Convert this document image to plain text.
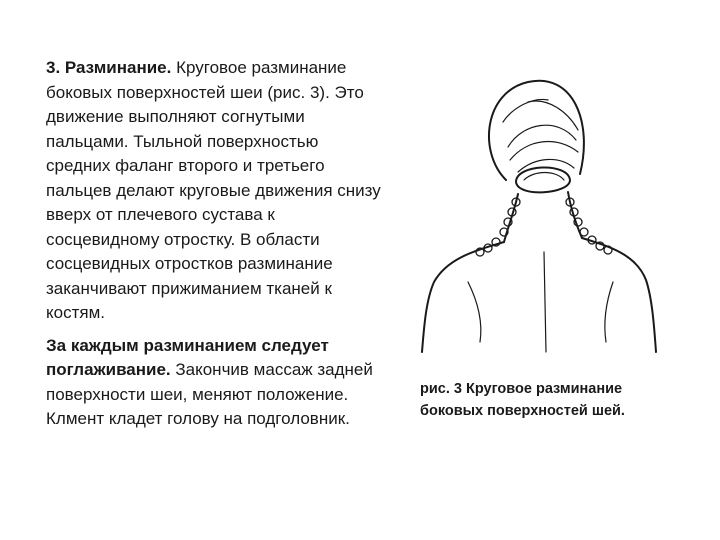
3. Разминание. Круговое разминание боковых поверхностей шеи (рис. 3). Это движение выполняют согнутыми пальцами. Тыльной поверхностью средних фаланг второго и третьего пальцев делают круговые движения снизу вверх от плечевого сустава к сосцевидному отростку. В области сосцевидных отростков разминание заканчивают прижиманием тканей к костям.

За каждым разминанием следует поглаживание. Закончив массаж задней поверхности шеи, меняют положение. Клмент кладет голову на подголовник.

рис. 3 Круговое разминание боковых поверхностей шей.
